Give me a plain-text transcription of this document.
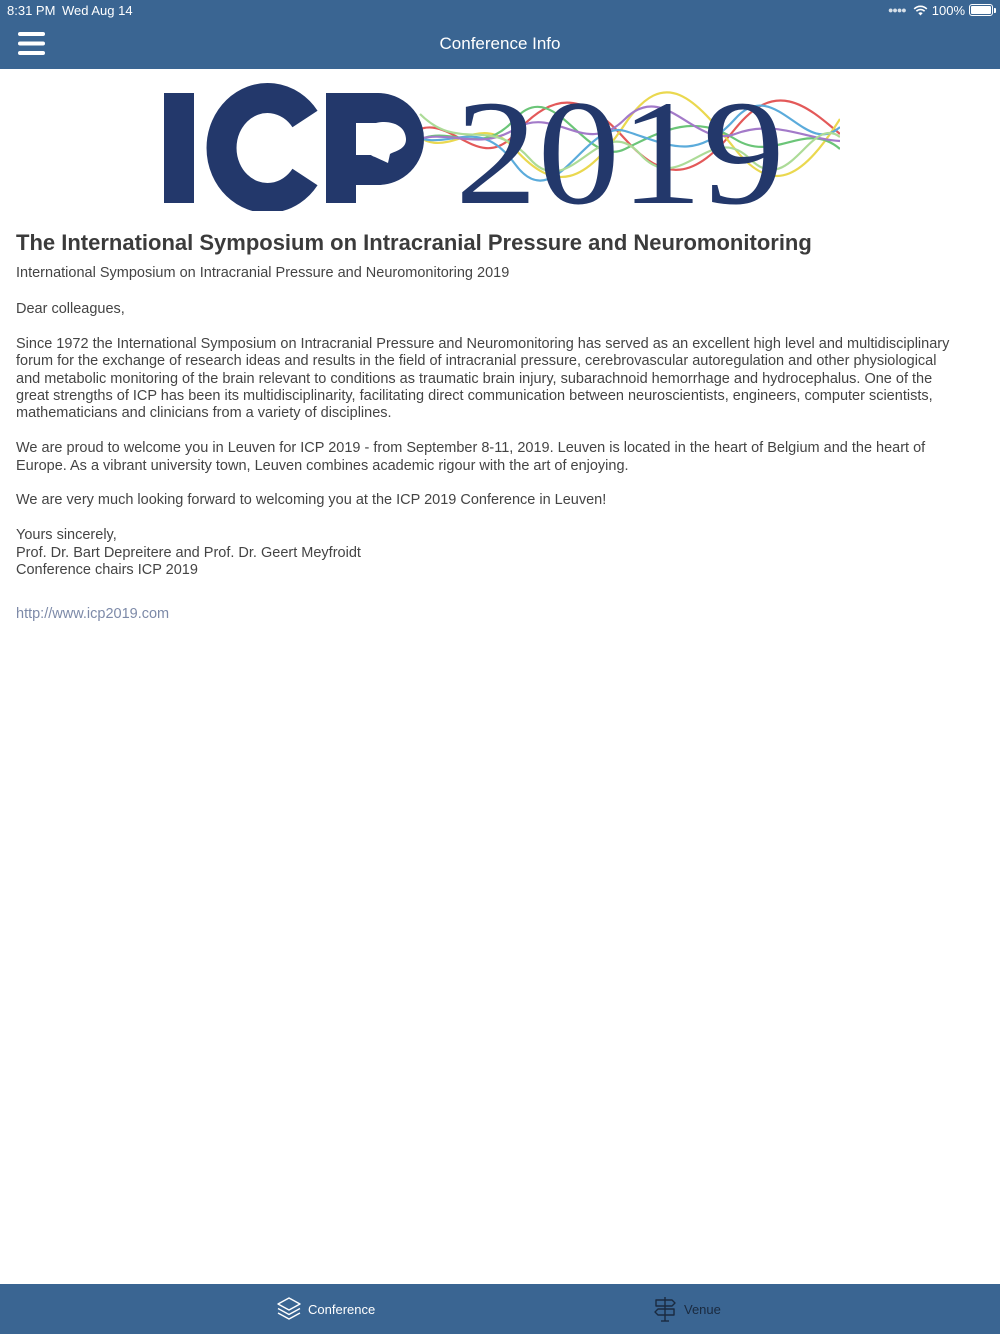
8:31 PM Wed Aug 14	●●●● 100%
Conference Info
2019
The International Symposium on Intracranial Pressure and Neuromonitoring
International Symposium on Intracranial Pressure and Neuromonitoring 2019

Dear colleagues,

Since 1972 the International Symposium on Intracranial Pressure and Neuromonitoring has served as an excellent high level and multidisciplinary
forum for the exchange of research ideas and results in the field of intracranial pressure, cerebrovascular autoregulation and other physiological
and metabolic monitoring of the brain relevant to conditions as traumatic brain injury, subarachnoid hemorrhage and hydrocephalus. One of the
great strengths of ICP has been its multidisciplinarity, facilitating direct communication between neuroscientists, engineers, computer scientists,
mathematicians and clinicians from a variety of disciplines.

We are proud to welcome you in Leuven for ICP 2019 - from September 8-11, 2019. Leuven is located in the heart of Belgium and the heart of
Europe. As a vibrant university town, Leuven combines academic rigour with the art of enjoying.

We are very much looking forward to welcoming you at the ICP 2019 Conference in Leuven!

Yours sincerely,
Prof. Dr. Bart Depreitere and Prof. Dr. Geert Meyfroidt
Conference chairs ICP 2019

http://www.icp2019.com
Conference	Venue
